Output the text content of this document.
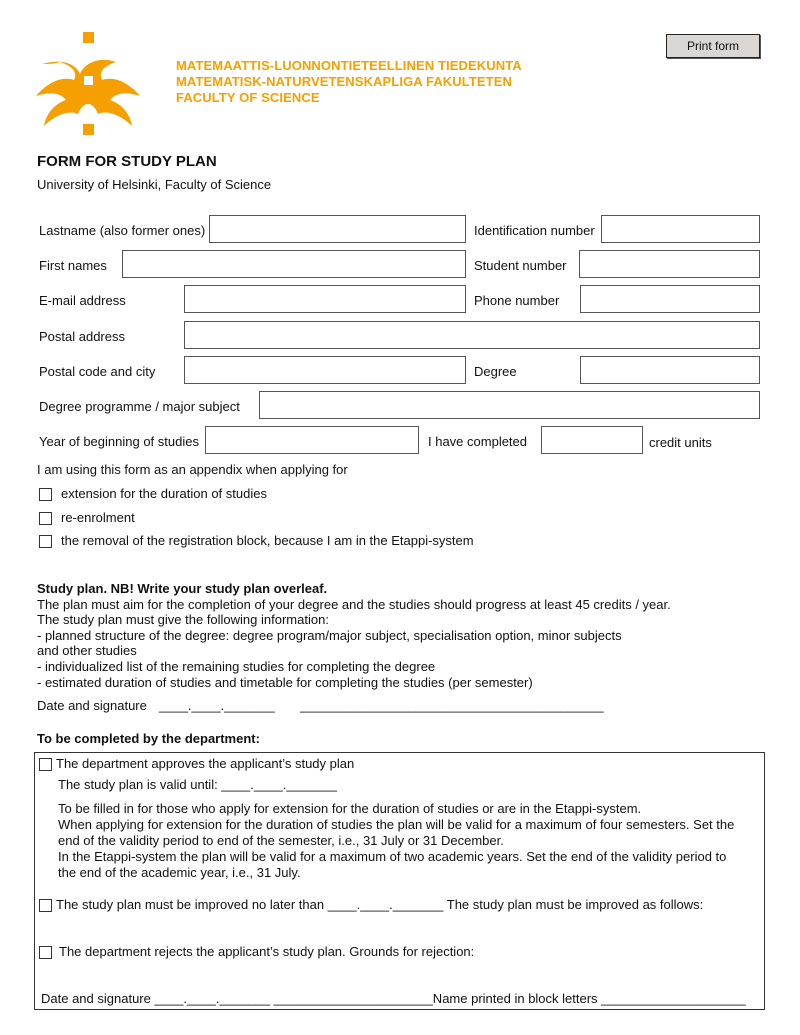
MATEMAATTIS-LUONNONTIETEELLINEN TIEDEKUNTA
MATEMATISK-NATURVETENSKAPLIGA FAKULTETEN
FACULTY OF SCIENCE
Print form
FORM FOR STUDY PLAN
University of Helsinki, Faculty of Science
Lastname (also former ones)	Identification number
First names	Student number
E-mail address	Phone number
Postal address
Postal code and city	Degree
Degree programme / major subject
Year of beginning of studies	I have completed	credit units
I am using this form as an appendix when applying for
extension for the duration of studies
re-enrolment
the removal of the registration block, because I am in the Etappi-system
Study plan. NB! Write your study plan overleaf.
The plan must aim for the completion of your degree and the studies should progress at least 45 credits / year.
The study plan must give the following information:
- planned structure of the degree: degree program/major subject, specialisation option, minor subjects
and other studies
- individualized list of the remaining studies for completing the degree
- estimated duration of studies and timetable for completing the studies (per semester)
Date and signature ____.____._______ __________________________________________
To be completed by the department:
The department approves the applicant’s study plan
The study plan is valid until: ____.____._______
To be filled in for those who apply for extension for the duration of studies or are in the Etappi-system.
When applying for extension for the duration of studies the plan will be valid for a maximum of four semesters. Set the
end of the validity period to end of the semester, i.e., 31 July or 31 December.
In the Etappi-system the plan will be valid for a maximum of two academic years. Set the end of the validity period to
the end of the academic year, i.e., 31 July.
The study plan must be improved no later than ____.____._______ The study plan must be improved as follows:
The department rejects the applicant’s study plan. Grounds for rejection:
Date and signature ____.____._______ ______________________Name printed in block letters ____________________
